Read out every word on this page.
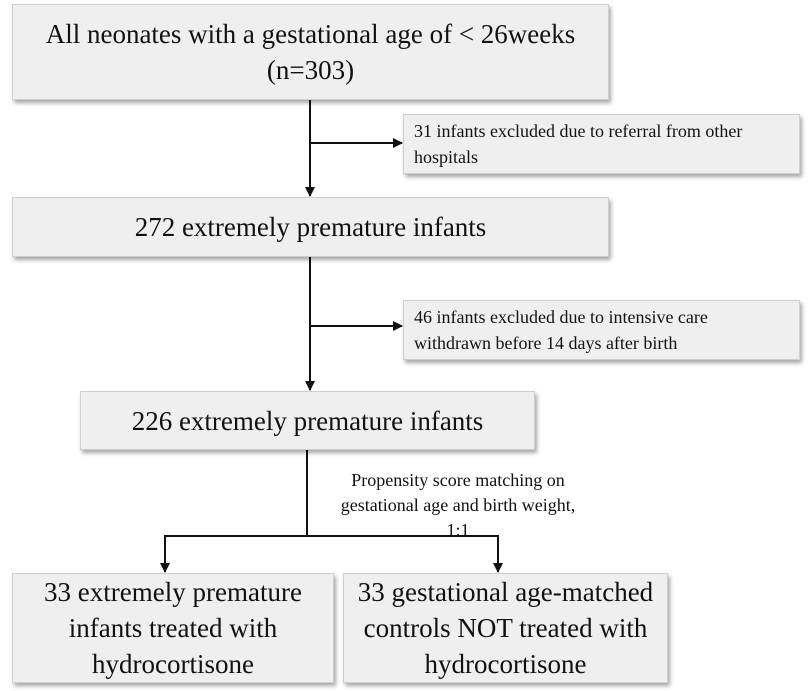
All neonates with a gestational age of < 26weeks
(n=303)
31 infants excluded due to referral from other
hospitals
272 extremely premature infants
46 infants excluded due to intensive care
withdrawn before 14 days after birth
226 extremely premature infants
Propensity score matching on
gestational age and birth weight,
1:1
33 extremely premature
infants treated with
hydrocortisone
33 gestational age-matched
controls NOT treated with
hydrocortisone
